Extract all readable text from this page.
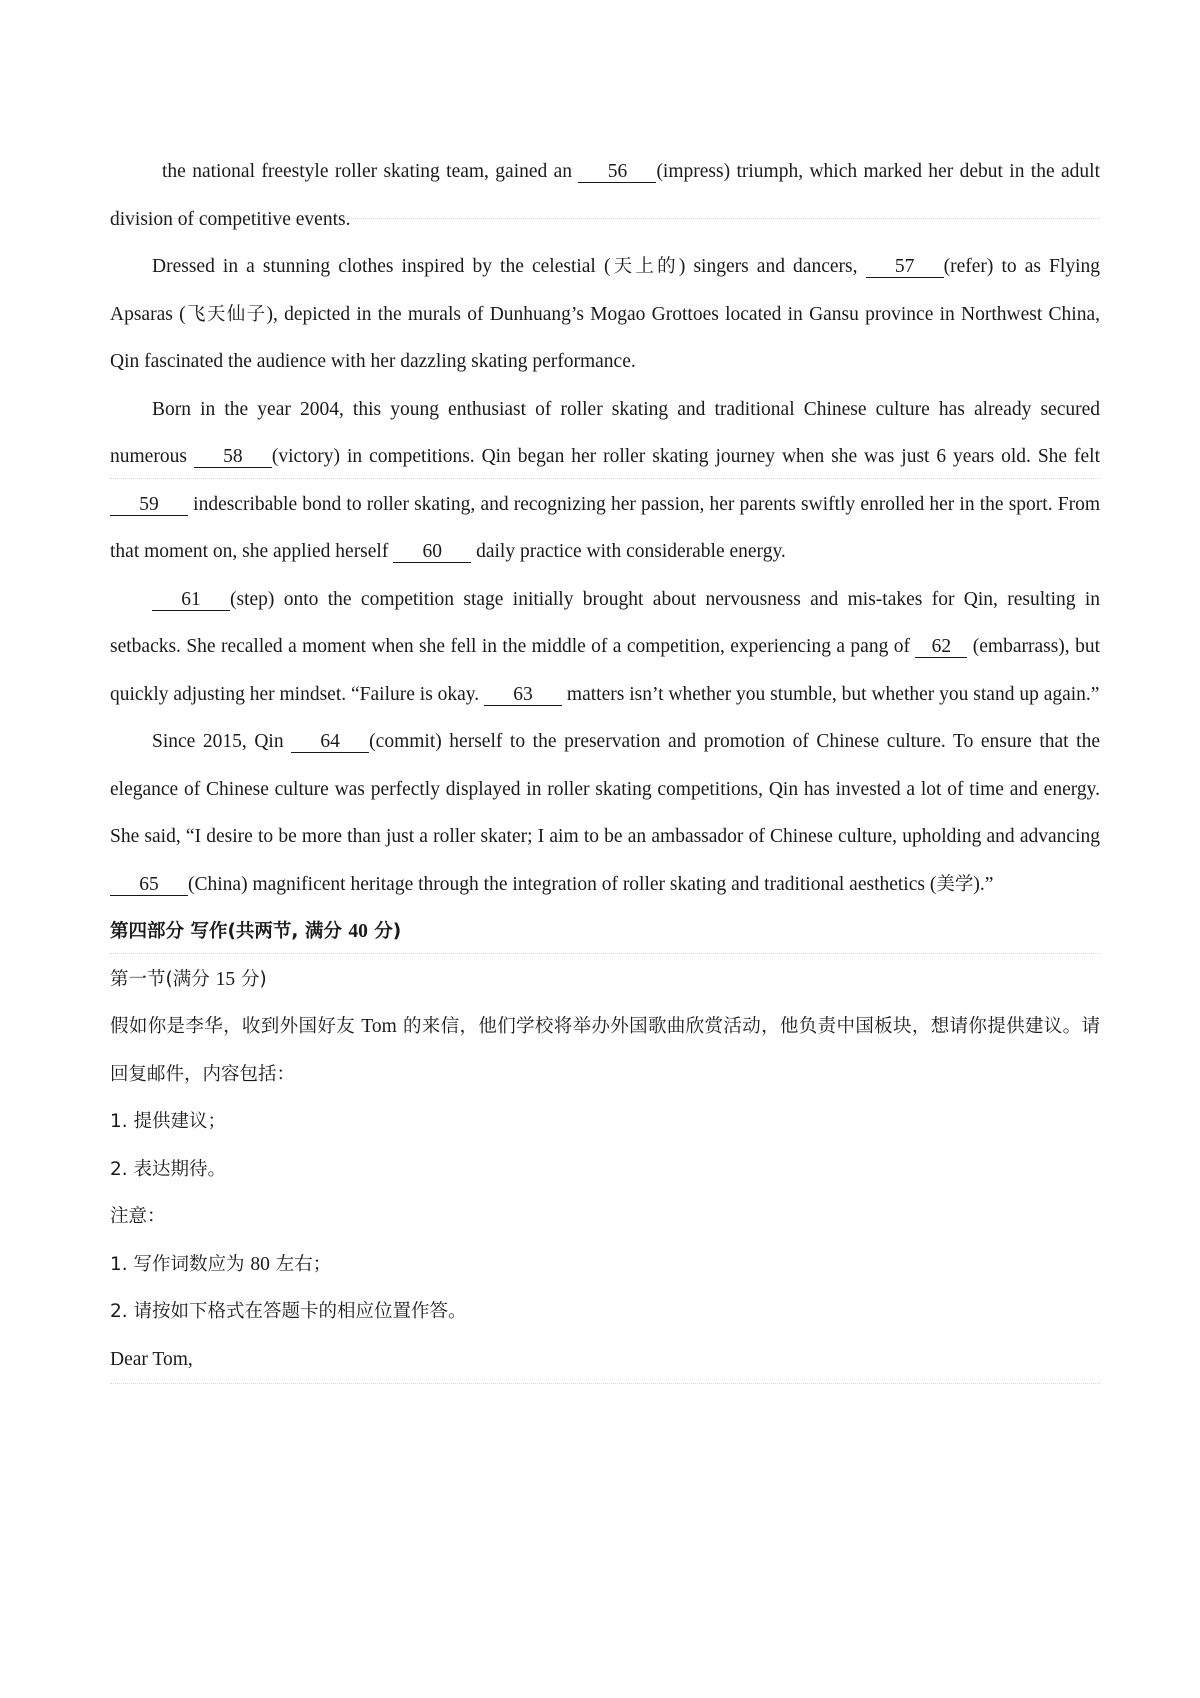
the national freestyle roller skating team, gained an 56 (impress) triumph, which marked her debut in the adult division of competitive events.

Dressed in a stunning clothes inspired by the celestial (天上的) singers and dancers, 57 (refer) to as Flying Apsaras (飞天仙子), depicted in the murals of Dunhuang’s Mogao Grottoes located in Gansu province in Northwest China, Qin fascinated the audience with her dazzling skating performance.

Born in the year 2004, this young enthusiast of roller skating and traditional Chinese culture has already secured numerous 58 (victory) in competitions. Qin began her roller skating journey when she was just 6 years old. She felt 59 indescribable bond to roller skating, and recognizing her passion, her parents swiftly enrolled her in the sport. From that moment on, she applied herself 60 daily practice with considerable energy.

61 (step) onto the competition stage initially brought about nervousness and mis-takes for Qin, resulting in setbacks. She recalled a moment when she fell in the middle of a competition, experiencing a pang of 62 (embarrass), but quickly adjusting her mindset. “Failure is okay. 63 matters isn’t whether you stumble, but whether you stand up again.”

Since 2015, Qin 64 (commit) herself to the preservation and promotion of Chinese culture. To ensure that the elegance of Chinese culture was perfectly displayed in roller skating competitions, Qin has invested a lot of time and energy. She said, “I desire to be more than just a roller skater; I aim to be an ambassador of Chinese culture, upholding and advancing 65 (China) magnificent heritage through the integration of roller skating and traditional aesthetics (美学).”

第四部分 写作(共两节, 满分 40 分)

第一节(满分 15 分)

假如你是李华，收到外国好友 Tom 的来信，他们学校将举办外国歌曲欣赏活动，他负责中国板块，想请你提供建议。请回复邮件，内容包括：

1. 提供建议；

2. 表达期待。

注意：

1. 写作词数应为 80 左右；

2. 请按如下格式在答题卡的相应位置作答。

Dear Tom,
